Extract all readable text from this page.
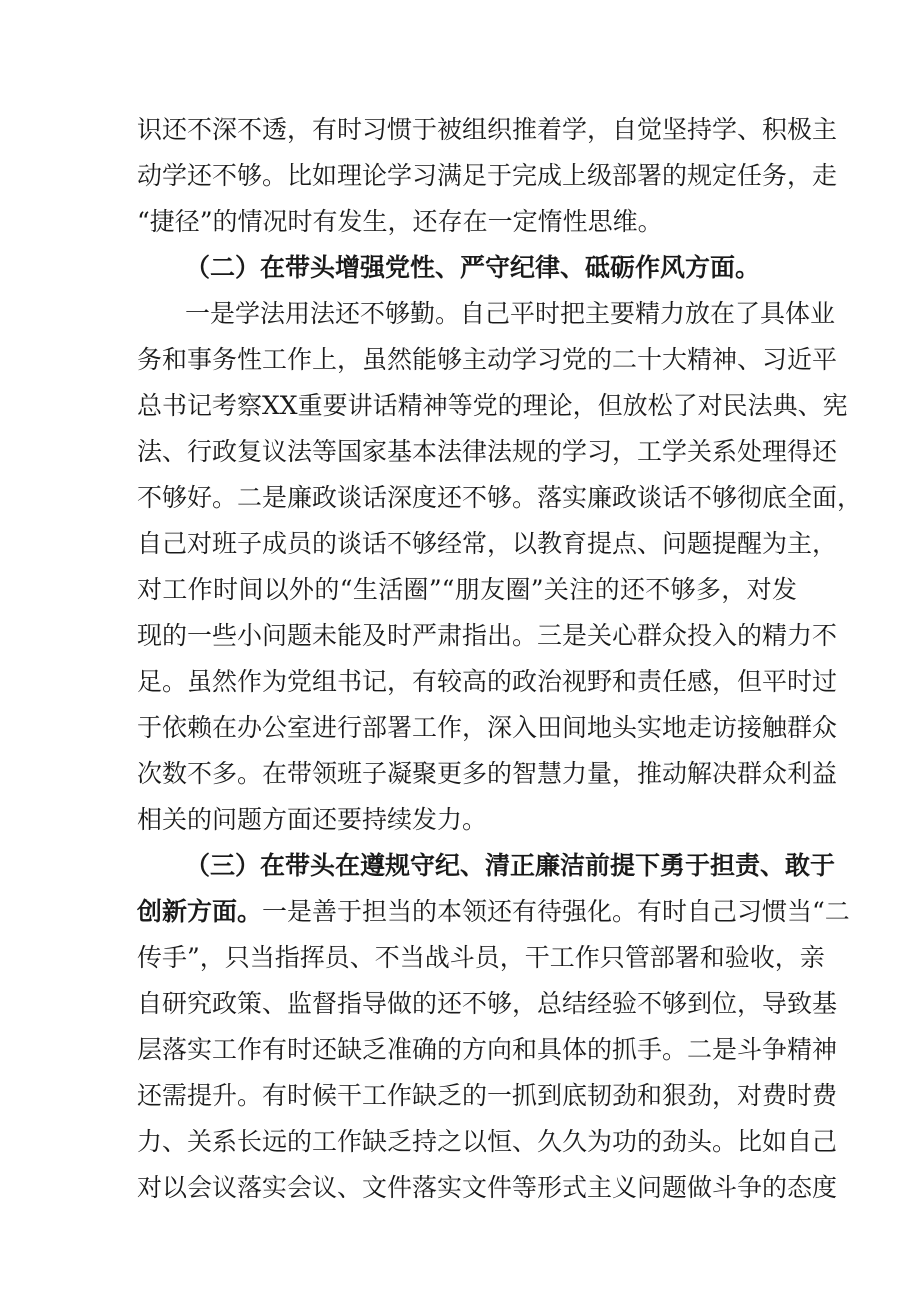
识还不深不透，有时习惯于被组织推着学，自觉坚持学、积极主
动学还不够。比如理论学习满足于完成上级部署的规定任务，走
“捷径”的情况时有发生，还存在一定惰性思维。
（二）在带头增强党性、严守纪律、砥砺作风方面。
一是学法用法还不够勤。自己平时把主要精力放在了具体业
务和事务性工作上，虽然能够主动学习党的二十大精神、习近平
总书记考察XX重要讲话精神等党的理论，但放松了对民法典、宪
法、行政复议法等国家基本法律法规的学习，工学关系处理得还
不够好。二是廉政谈话深度还不够。落实廉政谈话不够彻底全面，
自己对班子成员的谈话不够经常，以教育提点、问题提醒为主，
对工作时间以外的“生活圈”“朋友圈”关注的还不够多，对发
现的一些小问题未能及时严肃指出。三是关心群众投入的精力不
足。虽然作为党组书记，有较高的政治视野和责任感，但平时过
于依赖在办公室进行部署工作，深入田间地头实地走访接触群众
次数不多。在带领班子凝聚更多的智慧力量，推动解决群众利益
相关的问题方面还要持续发力。
（三）在带头在遵规守纪、清正廉洁前提下勇于担责、敢于
创新方面。一是善于担当的本领还有待强化。有时自己习惯当“二
传手”，只当指挥员、不当战斗员，干工作只管部署和验收，亲
自研究政策、监督指导做的还不够，总结经验不够到位，导致基
层落实工作有时还缺乏准确的方向和具体的抓手。二是斗争精神
还需提升。有时候干工作缺乏的一抓到底韧劲和狠劲，对费时费
力、关系长远的工作缺乏持之以恒、久久为功的劲头。比如自己
对以会议落实会议、文件落实文件等形式主义问题做斗争的态度
